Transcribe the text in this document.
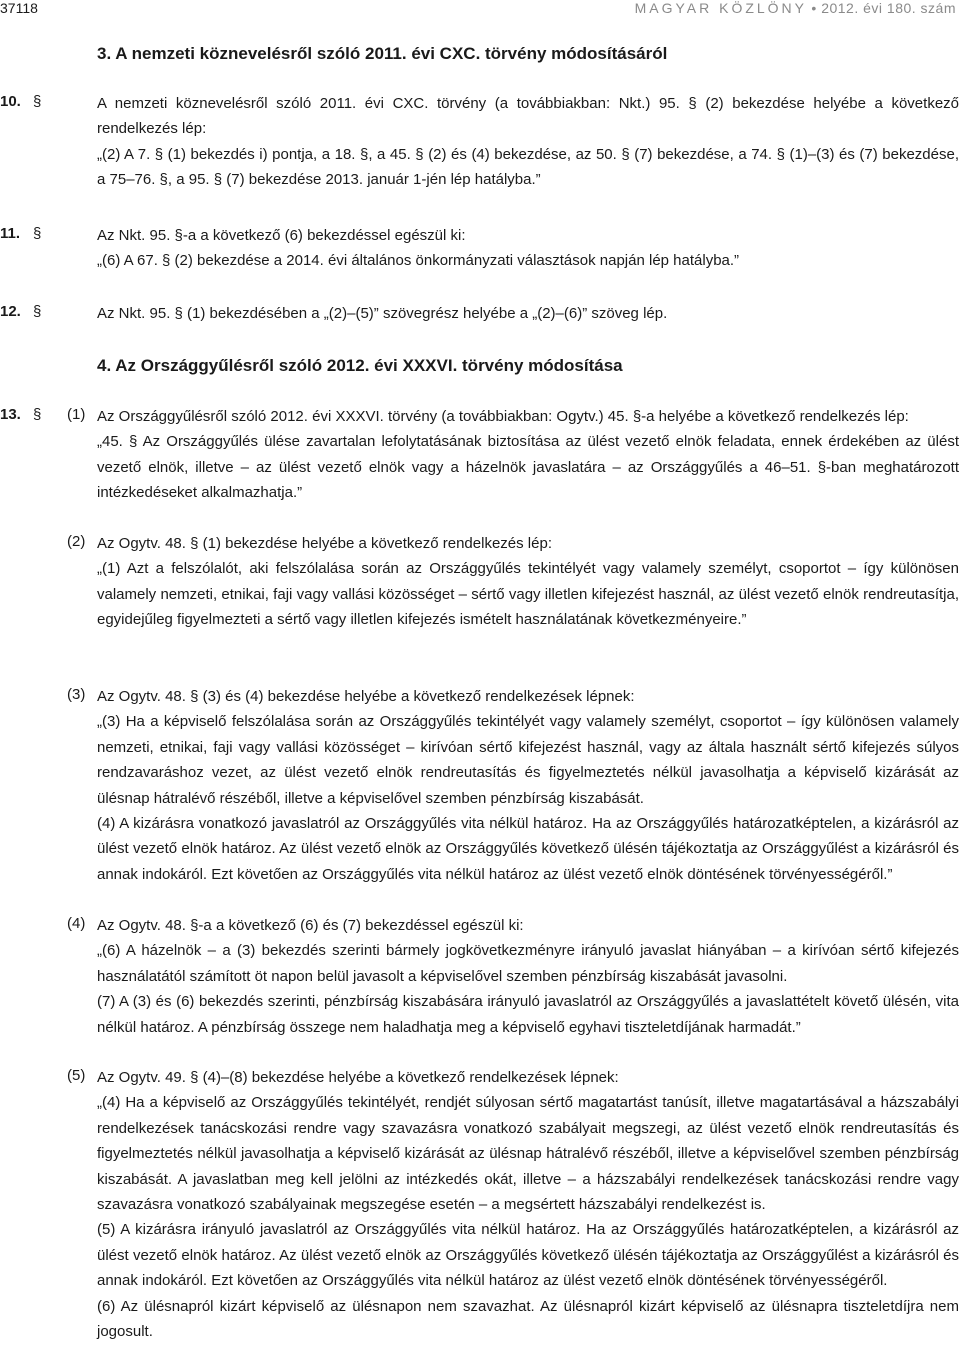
37118	MAGYAR KÖZLÖNY • 2012. évi 180. szám
3. A nemzeti köznevelésről szóló 2011. évi CXC. törvény módosításáról
10. §	A nemzeti köznevelésről szóló 2011. évi CXC. törvény (a továbbiakban: Nkt.) 95. § (2) bekezdése helyébe a következő rendelkezés lép:

„(2) A 7. § (1) bekezdés i) pontja, a 18. §, a 45. § (2) és (4) bekezdése, az 50. § (7) bekezdése, a 74. § (1)–(3) és (7) bekezdése, a 75–76. §, a 95. § (7) bekezdése 2013. január 1-jén lép hatályba.”

11. §	Az Nkt. 95. §-a a következő (6) bekezdéssel egészül ki:

„(6) A 67. § (2) bekezdése a 2014. évi általános önkormányzati választások napján lép hatályba.”

12. §	Az Nkt. 95. § (1) bekezdésében a „(2)–(5)” szövegrész helyébe a „(2)–(6)” szöveg lép.

4. Az Országgyűlésről szóló 2012. évi XXXVI. törvény módosítása
13. § (1) Az Országgyűlésről szóló 2012. évi XXXVI. törvény (a továbbiakban: Ogytv.) 45. §-a helyébe a következő rendelkezés lép:

„45. § Az Országgyűlés ülése zavartalan lefolytatásának biztosítása az ülést vezető elnök feladata, ennek érdekében az ülést vezető elnök, illetve – az ülést vezető elnök vagy a házelnök javaslatára – az Országgyűlés a 46–51. §-ban meghatározott intézkedéseket alkalmazhatja.”

(2) Az Ogytv. 48. § (1) bekezdése helyébe a következő rendelkezés lép:

„(1) Azt a felszólalót, aki felszólalása során az Országgyűlés tekintélyét vagy valamely személyt, csoportot – így különösen valamely nemzeti, etnikai, faji vagy vallási közösséget – sértő vagy illetlen kifejezést használ, az ülést vezető elnök rendreutasítja, egyidejűleg figyelmezteti a sértő vagy illetlen kifejezés ismételt használatának következményeire.”

(3) Az Ogytv. 48. § (3) és (4) bekezdése helyébe a következő rendelkezések lépnek:

„(3) Ha a képviselő felszólalása során az Országgyűlés tekintélyét vagy valamely személyt, csoportot – így különösen valamely nemzeti, etnikai, faji vagy vallási közösséget – kirívóan sértő kifejezést használ, vagy az általa használt sértő kifejezés súlyos rendzavaráshoz vezet, az ülést vezető elnök rendreutasítás és figyelmeztetés nélkül javasolhatja a képviselő kizárását az ülésnap hátralévő részéből, illetve a képviselővel szemben pénzbírság kiszabását.

(4) A kizárásra vonatkozó javaslatról az Országgyűlés vita nélkül határoz. Ha az Országgyűlés határozatképtelen, a kizárásról az ülést vezető elnök határoz. Az ülést vezető elnök az Országgyűlés következő ülésén tájékoztatja az Országgyűlést a kizárásról és annak indokáról. Ezt követően az Országgyűlés vita nélkül határoz az ülést vezető elnök döntésének törvényességéről.”

(4) Az Ogytv. 48. §-a a következő (6) és (7) bekezdéssel egészül ki:

„(6) A házelnök – a (3) bekezdés szerinti bármely jogkövetkezményre irányuló javaslat hiányában – a kirívóan sértő kifejezés használatától számított öt napon belül javasolt a képviselővel szemben pénzbírság kiszabását javasolni.

(7) A (3) és (6) bekezdés szerinti, pénzbírság kiszabására irányuló javaslatról az Országgyűlés a javaslattételt követő ülésén, vita nélkül határoz. A pénzbírság összege nem haladhatja meg a képviselő egyhavi tiszteletdíjának harmadát.”

(5) Az Ogytv. 49. § (4)–(8) bekezdése helyébe a következő rendelkezések lépnek:

„(4) Ha a képviselő az Országgyűlés tekintélyét, rendjét súlyosan sértő magatartást tanúsít, illetve magatartásával a házszabályi rendelkezések tanácskozási rendre vagy szavazásra vonatkozó szabályait megszegi, az ülést vezető elnök rendreutasítás és figyelmeztetés nélkül javasolhatja a képviselő kizárását az ülésnap hátralévő részéből, illetve a képviselővel szemben pénzbírság kiszabását. A javaslatban meg kell jelölni az intézkedés okát, illetve – a házszabályi rendelkezések tanácskozási rendre vagy szavazásra vonatkozó szabályainak megszegése esetén – a megsértett házszabályi rendelkezést is.

(5) A kizárásra irányuló javaslatról az Országgyűlés vita nélkül határoz. Ha az Országgyűlés határozatképtelen, a kizárásról az ülést vezető elnök határoz. Az ülést vezető elnök az Országgyűlés következő ülésén tájékoztatja az Országgyűlést a kizárásról és annak indokáról. Ezt követően az Országgyűlés vita nélkül határoz az ülést vezető elnök döntésének törvényességéről.

(6) Az ülésnapról kizárt képviselő az ülésnapon nem szavazhat. Az ülésnapról kizárt képviselő az ülésnapra tiszteletdíjra nem jogosult.
